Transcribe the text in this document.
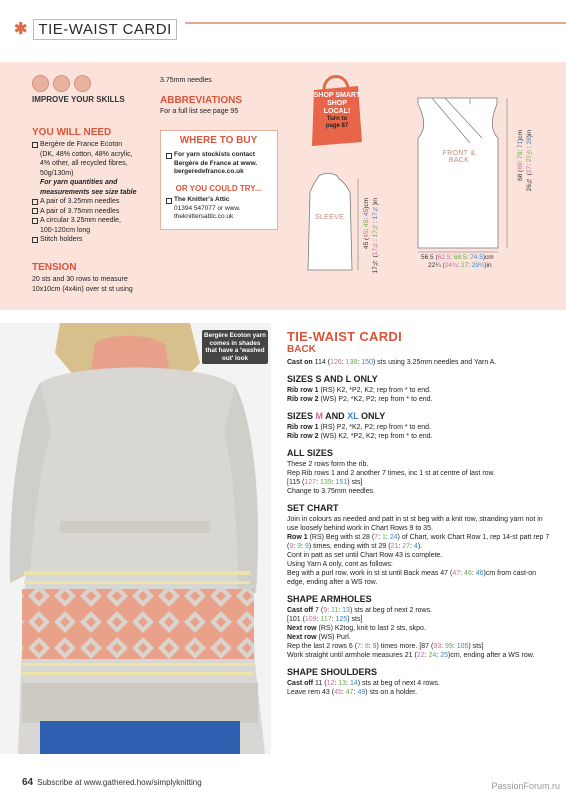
✱ TIE-WAIST CARDI
IMPROVE YOUR SKILLS
YOU WILL NEED
Bergère de France Ecoton
(DK, 48% cotton, 48% acrylic,
4% other, all recycled fibres,
50g/130m)
For yarn quantities and
measurements see size table
A pair of 3.25mm needles
A pair of 3.75mm needles
A circular 3.25mm needle,
100-120cm long
Stitch holders
TENSION
20 sts and 30 rows to measure
10x10cm (4x4in) over st st using
3.75mm needles
ABBREVIATIONS
For a full list see page 95
WHERE TO BUY
For yarn stockists contact
Bergère de France at www.
bergeredefrance.co.uk
OR YOU COULD TRY...
The Knitter's Attic
01394 547077 or www.
theknittersattic.co.uk
SHOP SMART
SHOP
LOCAL!
Turn to
page 87
FRONT &
BACK
SLEEVE
56.5 (62.5: 68.5: 74.5)cm
22¼ (24¾: 27: 29¼)in
68 (69: 70: 71)cm
26¾ (27: 27½: 28)in
45 (45: 45: 45)cm
17¾ (17¾: 17¾: 17¾)in
Bergère Ecoton yarn comes in shades that have a 'washed out' look
TIE-WAIST CARDI
BACK

Cast on 114 (126: 138: 150) sts using 3.25mm needles and Yarn A.

SIZES S AND L ONLY

Rib row 1 (RS) K2, *P2, K2; rep from * to end.

Rib row 2 (WS) P2, *K2, P2; rep from * to end.

SIZES M AND XL ONLY

Rib row 1 (RS) P2, *K2, P2; rep from * to end.

Rib row 2 (WS) K2, *P2, K2; rep from * to end.

ALL SIZES

These 2 rows form the rib.

Rep Rib rows 1 and 2 another 7 times, inc 1 st at centre of last row.

[115 (127: 139: 151) sts]

Change to 3.75mm needles.

SET CHART

Join in colours as needed and patt in st st beg with a knit row, stranding yarn not in use loosely behind work in Chart Rows 9 to 35.

Row 1 (RS) Beg with st 28 (7: 1: 24) of Chart, work Chart Row 1, rep 14-st patt rep 7 (9: 9: 9) times, ending with st 29 (21: 27: 4).

Cont in patt as set until Chart Row 43 is complete.

Using Yarn A only, cont as follows:

Beg with a purl row, work in st st until Back meas 47 (47: 46: 46)cm from cast-on edge, ending after a WS row.

SHAPE ARMHOLES

Cast off 7 (9: 11: 13) sts at beg of next 2 rows.

[101 (109: 117: 125) sts]

Next row (RS) K2tog, knit to last 2 sts, skpo.

Next row (WS) Purl.

Rep the last 2 rows 6 (7: 8: 9) times more. [87 (93: 99: 105) sts]

Work straight until armhole measures 21 (22: 24: 25)cm, ending after a WS row.

SHAPE SHOULDERS

Cast off 11 (12: 13: 14) sts at beg of next 4 rows.

Leave rem 43 (45: 47: 49) sts on a holder.

64 Subscribe at www.gathered.how/simplyknitting	PassionForum.ru
